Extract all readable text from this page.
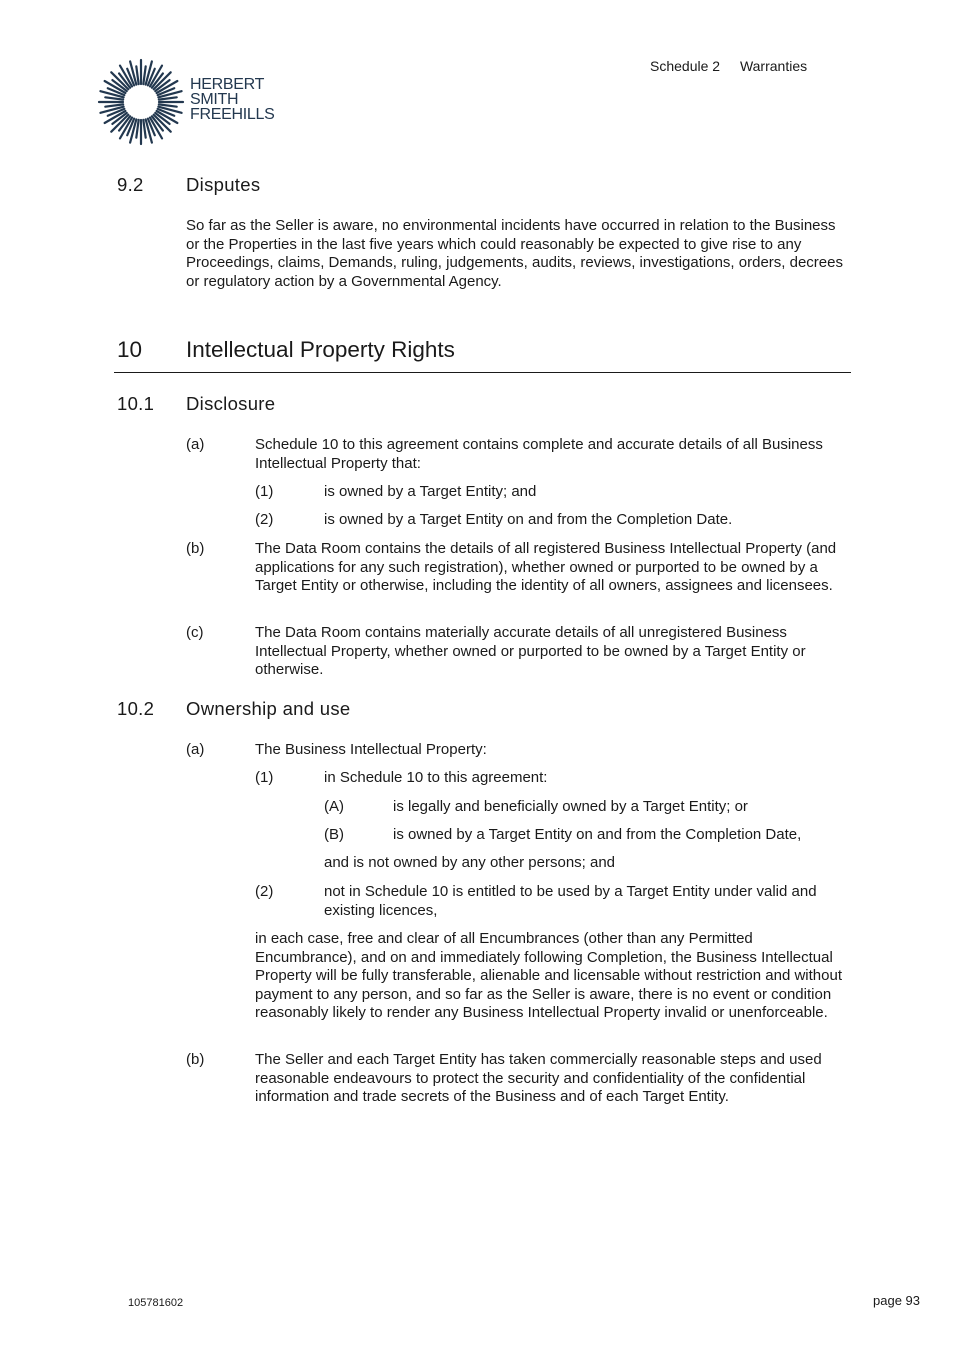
HERBERT
SMITH
FREEHILLS
Schedule 2 Warranties
9.2 Disputes
So far as the Seller is aware, no environmental incidents have occurred in relation to the Business or the Properties in the last five years which could reasonably be expected to give rise to any Proceedings, claims, Demands, ruling, judgements, audits, reviews, investigations, orders, decrees or regulatory action by a Governmental Agency.
10 Intellectual Property Rights
10.1 Disclosure
(a)	Schedule 10 to this agreement contains complete and accurate details of all Business Intellectual Property that:
(1)	is owned by a Target Entity; and
(2)	is owned by a Target Entity on and from the Completion Date.
(b)	The Data Room contains the details of all registered Business Intellectual Property (and applications for any such registration), whether owned or purported to be owned by a Target Entity or otherwise, including the identity of all owners, assignees and licensees.
(c)	The Data Room contains materially accurate details of all unregistered Business Intellectual Property, whether owned or purported to be owned by a Target Entity or otherwise.
10.2 Ownership and use
(a)	The Business Intellectual Property:
(1)	in Schedule 10 to this agreement:
(A)	is legally and beneficially owned by a Target Entity; or
(B)	is owned by a Target Entity on and from the Completion Date,
and is not owned by any other persons; and
(2)	not in Schedule 10 is entitled to be used by a Target Entity under valid and existing licences,
in each case, free and clear of all Encumbrances (other than any Permitted Encumbrance), and on and immediately following Completion, the Business Intellectual Property will be fully transferable, alienable and licensable without restriction and without payment to any person, and so far as the Seller is aware, there is no event or condition reasonably likely to render any Business Intellectual Property invalid or unenforceable.
(b)	The Seller and each Target Entity has taken commercially reasonable steps and used reasonable endeavours to protect the security and confidentiality of the confidential information and trade secrets of the Business and of each Target Entity.
105781602	page 93
